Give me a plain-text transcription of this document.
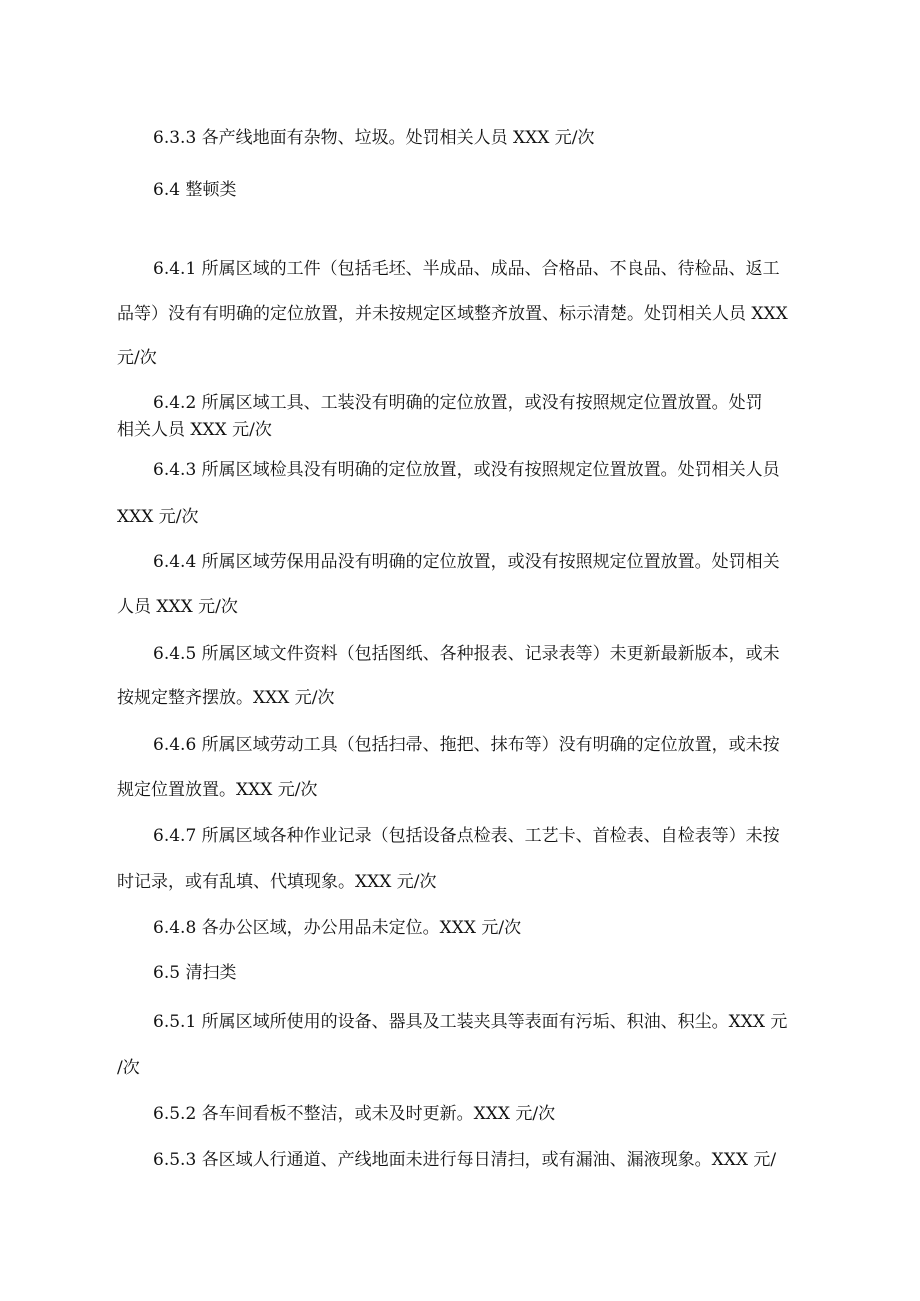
6.3.3 各产线地面有杂物、垃圾。处罚相关人员 XXX 元/次
6.4 整顿类
6.4.1 所属区域的工件（包括毛坯、半成品、成品、合格品、不良品、待检品、返工
品等）没有有明确的定位放置，并未按规定区域整齐放置、标示清楚。处罚相关人员 XXX
元/次
6.4.2 所属区域工具、工装没有明确的定位放置，或没有按照规定位置放置。处罚
相关人员 XXX 元/次
6.4.3 所属区域检具没有明确的定位放置，或没有按照规定位置放置。处罚相关人员
XXX 元/次
6.4.4 所属区域劳保用品没有明确的定位放置，或没有按照规定位置放置。处罚相关
人员 XXX 元/次
6.4.5 所属区域文件资料（包括图纸、各种报表、记录表等）未更新最新版本，或未
按规定整齐摆放。XXX 元/次
6.4.6 所属区域劳动工具（包括扫帚、拖把、抹布等）没有明确的定位放置，或未按
规定位置放置。XXX 元/次
6.4.7 所属区域各种作业记录（包括设备点检表、工艺卡、首检表、自检表等）未按
时记录，或有乱填、代填现象。XXX 元/次
6.4.8 各办公区域，办公用品未定位。XXX 元/次
6.5 清扫类
6.5.1 所属区域所使用的设备、器具及工装夹具等表面有污垢、积油、积尘。XXX 元
/次
6.5.2 各车间看板不整洁，或未及时更新。XXX 元/次
6.5.3 各区域人行通道、产线地面未进行每日清扫，或有漏油、漏液现象。XXX 元/
